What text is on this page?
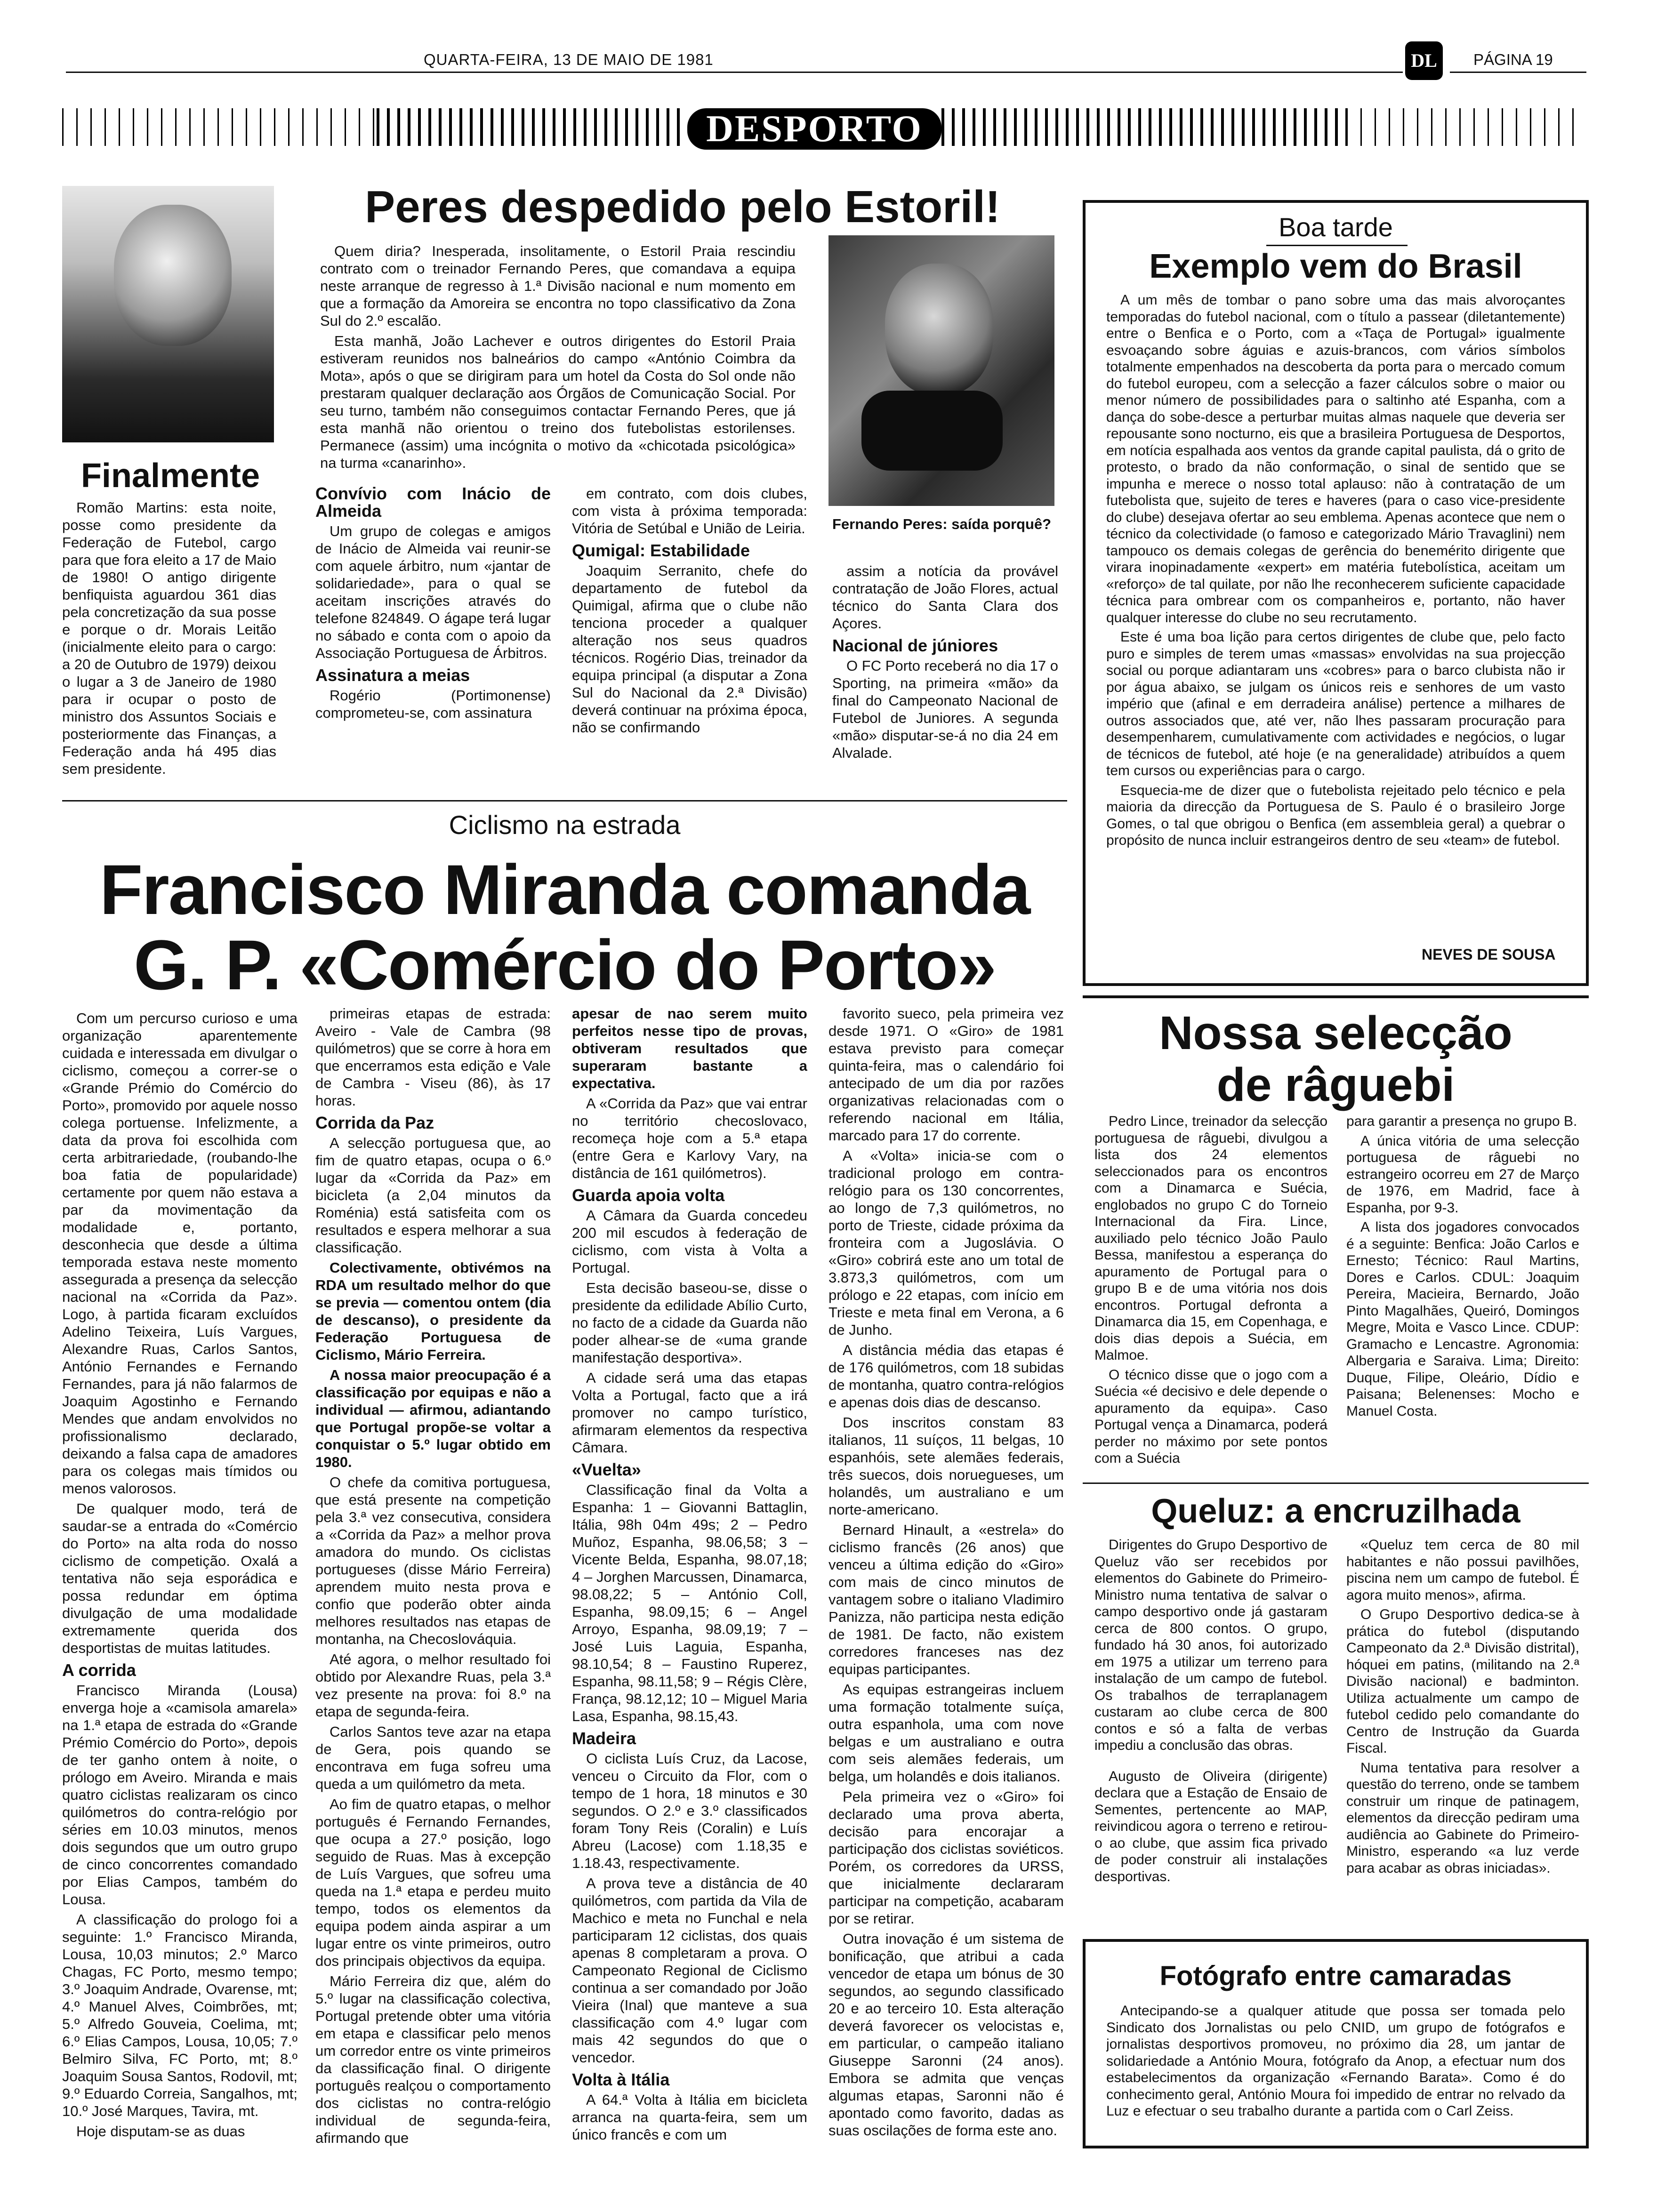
QUARTA-FEIRA, 13 DE MAIO DE 1981	DL	PÁGINA 19
DESPORTO
Finalmente

Romão Martins: esta noite, posse como presidente da Federação de Futebol, cargo para que fora eleito a 17 de Maio de 1980! O antigo dirigente benfiquista aguardou 361 dias pela concretização da sua posse e porque o dr. Morais Leitão (inicialmente eleito para o cargo: a 20 de Outubro de 1979) deixou o lugar a 3 de Janeiro de 1980 para ir ocupar o posto de ministro dos Assuntos Sociais e posteriormente das Finanças, a Federação anda há 495 dias sem presidente.

Peres despedido pelo Estoril!

Quem diria? Inesperada, insolitamente, o Estoril Praia rescindiu contrato com o treinador Fernando Peres, que comandava a equipa neste arranque de regresso à 1.ª Divisão nacional e num momento em que a formação da Amoreira se encontra no topo classificativo da Zona Sul do 2.º escalão.

Esta manhã, João Lachever e outros dirigentes do Estoril Praia estiveram reunidos nos balneários do campo «António Coimbra da Mota», após o que se dirigiram para um hotel da Costa do Sol onde não prestaram qualquer declaração aos Órgãos de Comunicação Social. Por seu turno, também não conseguimos contactar Fernando Peres, que já esta manhã não orientou o treino dos futebolistas estorilenses. Permanece (assim) uma incógnita o motivo da «chicotada psicológica» na turma «canarinho».

Fernando Peres: saída porquê?

Convívio com Inácio de Almeida

Um grupo de colegas e amigos de Inácio de Almeida vai reunir-se com aquele árbitro, num «jantar de solidariedade», para o qual se aceitam inscrições através do telefone 824849. O ágape terá lugar no sábado e conta com o apoio da Associação Portuguesa de Árbitros.

Assinatura a meias

Rogério (Portimonense) comprometeu-se, com assinatura

em contrato, com dois clubes, com vista à próxima temporada: Vitória de Setúbal e União de Leiria.

Qumigal: Estabilidade

Joaquim Serranito, chefe do departamento de futebol da Quimigal, afirma que o clube não tenciona proceder a qualquer alteração nos seus quadros técnicos. Rogério Dias, treinador da equipa principal (a disputar a Zona Sul do Nacional da 2.ª Divisão) deverá continuar na próxima época, não se confirmando

assim a notícia da provável contratação de João Flores, actual técnico do Santa Clara dos Açores.

Nacional de júniores

O FC Porto receberá no dia 17 o Sporting, na primeira «mão» da final do Campeonato Nacional de Futebol de Juniores. A segunda «mão» disputar-se-á no dia 24 em Alvalade.

Boa tarde
Exemplo vem do Brasil

A um mês de tombar o pano sobre uma das mais alvoroçantes temporadas do futebol nacional, com o título a passear (diletantemente) entre o Benfica e o Porto, com a «Taça de Portugal» igualmente esvoaçando sobre águias e azuis-brancos, com vários símbolos totalmente empenhados na descoberta da porta para o mercado comum do futebol europeu, com a selecção a fazer cálculos sobre o maior ou menor número de possibilidades para o saltinho até Espanha, com a dança do sobe-desce a perturbar muitas almas naquele que deveria ser repousante sono nocturno, eis que a brasileira Portuguesa de Desportos, em notícia espalhada aos ventos da grande capital paulista, dá o grito de protesto, o brado da não conformação, o sinal de sentido que se impunha e merece o nosso total aplauso: não à contratação de um futebolista que, sujeito de teres e haveres (para o caso vice-presidente do clube) desejava ofertar ao seu emblema. Apenas acontece que nem o técnico da colectividade (o famoso e categorizado Mário Travaglini) nem tampouco os demais colegas de gerência do benemérito dirigente que virara inopinadamente «expert» em matéria futebolística, aceitam um «reforço» de tal quilate, por não lhe reconhecerem suficiente capacidade técnica para ombrear com os companheiros e, portanto, não haver qualquer interesse do clube no seu recrutamento.

Este é uma boa lição para certos dirigentes de clube que, pelo facto puro e simples de terem umas «massas» envolvidas na sua projecção social ou porque adiantaram uns «cobres» para o barco clubista não ir por água abaixo, se julgam os únicos reis e senhores de um vasto império que (afinal e em derradeira análise) pertence a milhares de outros associados que, até ver, não lhes passaram procuração para desempenharem, cumulativamente com actividades e negócios, o lugar de técnicos de futebol, até hoje (e na generalidade) atribuídos a quem tem cursos ou experiências para o cargo.

Esquecia-me de dizer que o futebolista rejeitado pelo técnico e pela maioria da direcção da Portuguesa de S. Paulo é o brasileiro Jorge Gomes, o tal que obrigou o Benfica (em assembleia geral) a quebrar o propósito de nunca incluir estrangeiros dentro de seu «team» de futebol.

NEVES DE SOUSA
Ciclismo na estrada
Francisco Miranda comanda
G. P. «Comércio do Porto»

Com um percurso curioso e uma organização aparentemente cuidada e interessada em divulgar o ciclismo, começou a correr-se o «Grande Prémio do Comércio do Porto», promovido por aquele nosso colega portuense. Infelizmente, a data da prova foi escolhida com certa arbitrariedade, (roubando-lhe boa fatia de popularidade) certamente por quem não estava a par da movimentação da modalidade e, portanto, desconhecia que desde a última temporada estava neste momento assegurada a presença da selecção nacional na «Corrida da Paz». Logo, à partida ficaram excluídos Adelino Teixeira, Luís Vargues, Alexandre Ruas, Carlos Santos, António Fernandes e Fernando Fernandes, para já não falarmos de Joaquim Agostinho e Fernando Mendes que andam envolvidos no profissionalismo declarado, deixando a falsa capa de amadores para os colegas mais tímidos ou menos valorosos.

De qualquer modo, terá de saudar-se a entrada do «Comércio do Porto» na alta roda do nosso ciclismo de competição. Oxalá a tentativa não seja esporádica e possa redundar em óptima divulgação de uma modalidade extremamente querida dos desportistas de muitas latitudes.

A corrida

Francisco Miranda (Lousa) enverga hoje a «camisola amarela» na 1.ª etapa de estrada do «Grande Prémio Comércio do Porto», depois de ter ganho ontem à noite, o prólogo em Aveiro. Miranda e mais quatro ciclistas realizaram os cinco quilómetros do contra-relógio por séries em 10.03 minutos, menos dois segundos que um outro grupo de cinco concorrentes comandado por Elias Campos, também do Lousa.

A classificação do prologo foi a seguinte: 1.º Francisco Miranda, Lousa, 10,03 minutos; 2.º Marco Chagas, FC Porto, mesmo tempo; 3.º Joaquim Andrade, Ovarense, mt; 4.º Manuel Alves, Coimbrões, mt; 5.º Alfredo Gouveia, Coelima, mt; 6.º Elias Campos, Lousa, 10,05; 7.º Belmiro Silva, FC Porto, mt; 8.º Joaquim Sousa Santos, Rodovil, mt; 9.º Eduardo Correia, Sangalhos, mt; 10.º José Marques, Tavira, mt.

Hoje disputam-se as duas

primeiras etapas de estrada: Aveiro - Vale de Cambra (98 quilómetros) que se corre à hora em que encerramos esta edição e Vale de Cambra - Viseu (86), às 17 horas.

Corrida da Paz

A selecção portuguesa que, ao fim de quatro etapas, ocupa o 6.º lugar da «Corrida da Paz» em bicicleta (a 2,04 minutos da Roménia) está satisfeita com os resultados e espera melhorar a sua classificação.

Colectivamente, obtivémos na RDA um resultado melhor do que se previa — comentou ontem (dia de descanso), o presidente da Federação Portuguesa de Ciclismo, Mário Ferreira.

A nossa maior preocupação é a classificação por equipas e não a individual — afirmou, adiantando que Portugal propõe-se voltar a conquistar o 5.º lugar obtido em 1980.

O chefe da comitiva portuguesa, que está presente na competição pela 3.ª vez consecutiva, considera a «Corrida da Paz» a melhor prova amadora do mundo. Os ciclistas portugueses (disse Mário Ferreira) aprendem muito nesta prova e confio que poderão obter ainda melhores resultados nas etapas de montanha, na Checoslováquia.

Até agora, o melhor resultado foi obtido por Alexandre Ruas, pela 3.ª vez presente na prova: foi 8.º na etapa de segunda-feira.

Carlos Santos teve azar na etapa de Gera, pois quando se encontrava em fuga sofreu uma queda a um quilómetro da meta.

Ao fim de quatro etapas, o melhor português é Fernando Fernandes, que ocupa a 27.º posição, logo seguido de Ruas. Mas à excepção de Luís Vargues, que sofreu uma queda na 1.ª etapa e perdeu muito tempo, todos os elementos da equipa podem ainda aspirar a um lugar entre os vinte primeiros, outro dos principais objectivos da equipa.

Mário Ferreira diz que, além do 5.º lugar na classificação colectiva, Portugal pretende obter uma vitória em etapa e classificar pelo menos um corredor entre os vinte primeiros da classificação final. O dirigente português realçou o comportamento dos ciclistas no contra-relógio individual de segunda-feira, afirmando que

apesar de nao serem muito perfeitos nesse tipo de provas, obtiveram resultados que superaram bastante a expectativa.

A «Corrida da Paz» que vai entrar no território checoslovaco, recomeça hoje com a 5.ª etapa (entre Gera e Karlovy Vary, na distância de 161 quilómetros).

Guarda apoia volta

A Câmara da Guarda concedeu 200 mil escudos à federação de ciclismo, com vista à Volta a Portugal.

Esta decisão baseou-se, disse o presidente da edilidade Abílio Curto, no facto de a cidade da Guarda não poder alhear-se de «uma grande manifestação desportiva».

A cidade será uma das etapas Volta a Portugal, facto que a irá promover no campo turístico, afirmaram elementos da respectiva Câmara.

«Vuelta»

Classificação final da Volta a Espanha: 1 – Giovanni Battaglin, Itália, 98h 04m 49s; 2 – Pedro Muñoz, Espanha, 98.06,58; 3 – Vicente Belda, Espanha, 98.07,18; 4 – Jorghen Marcussen, Dinamarca, 98.08,22; 5 – António Coll, Espanha, 98.09,15; 6 – Angel Arroyo, Espanha, 98.09,19; 7 – José Luis Laguia, Espanha, 98.10,54; 8 – Faustino Ruperez, Espanha, 98.11,58; 9 – Régis Clère, França, 98.12,12; 10 – Miguel Maria Lasa, Espanha, 98.15,43.

Madeira

O ciclista Luís Cruz, da Lacose, venceu o Circuito da Flor, com o tempo de 1 hora, 18 minutos e 30 segundos. O 2.º e 3.º classificados foram Tony Reis (Coralin) e Luís Abreu (Lacose) com 1.18,35 e 1.18.43, respectivamente.

A prova teve a distância de 40 quilómetros, com partida da Vila de Machico e meta no Funchal e nela participaram 12 ciclistas, dos quais apenas 8 completaram a prova. O Campeonato Regional de Ciclismo continua a ser comandado por João Vieira (Inal) que manteve a sua classificação com 4.º lugar com mais 42 segundos do que o vencedor.

Volta à Itália

A 64.ª Volta à Itália em bicicleta arranca na quarta-feira, sem um único francês e com um

favorito sueco, pela primeira vez desde 1971. O «Giro» de 1981 estava previsto para começar quinta-feira, mas o calendário foi antecipado de um dia por razões organizativas relacionadas com o referendo nacional em Itália, marcado para 17 do corrente.

A «Volta» inicia-se com o tradicional prologo em contra-relógio para os 130 concorrentes, ao longo de 7,3 quilómetros, no porto de Trieste, cidade próxima da fronteira com a Jugoslávia. O «Giro» cobrirá este ano um total de 3.873,3 quilómetros, com um prólogo e 22 etapas, com início em Trieste e meta final em Verona, a 6 de Junho.

A distância média das etapas é de 176 quilómetros, com 18 subidas de montanha, quatro contra-relógios e apenas dois dias de descanso.

Dos inscritos constam 83 italianos, 11 suíços, 11 belgas, 10 espanhóis, sete alemães federais, três suecos, dois noruegueses, um holandês, um australiano e um norte-americano.

Bernard Hinault, a «estrela» do ciclismo francês (26 anos) que venceu a última edição do «Giro» com mais de cinco minutos de vantagem sobre o italiano Vladimiro Panizza, não participa nesta edição de 1981. De facto, não existem corredores franceses nas dez equipas participantes.

As equipas estrangeiras incluem uma formação totalmente suíça, outra espanhola, uma com nove belgas e um australiano e outra com seis alemães federais, um belga, um holandês e dois italianos.

Pela primeira vez o «Giro» foi declarado uma prova aberta, decisão para encorajar a participação dos ciclistas soviéticos. Porém, os corredores da URSS, que inicialmente declararam participar na competição, acabaram por se retirar.

Outra inovação é um sistema de bonificação, que atribui a cada vencedor de etapa um bónus de 30 segundos, ao segundo classificado 20 e ao terceiro 10. Esta alteração deverá favorecer os velocistas e, em particular, o campeão italiano Giuseppe Saronni (24 anos). Embora se admita que venças algumas etapas, Saronni não é apontado como favorito, dadas as suas oscilações de forma este ano.

Nossa selecção
de râguebi

Pedro Lince, treinador da selecção portuguesa de râguebi, divulgou a lista dos 24 elementos seleccionados para os encontros com a Dinamarca e Suécia, englobados no grupo C do Torneio Internacional da Fira. Lince, auxiliado pelo técnico João Paulo Bessa, manifestou a esperança do apuramento de Portugal para o grupo B e de uma vitória nos dois encontros. Portugal defronta a Dinamarca dia 15, em Copenhaga, e dois dias depois a Suécia, em Malmoe.

O técnico disse que o jogo com a Suécia «é decisivo e dele depende o apuramento da equipa». Caso Portugal vença a Dinamarca, poderá perder no máximo por sete pontos com a Suécia

para garantir a presença no grupo B.

A única vitória de uma selecção portuguesa de râguebi no estrangeiro ocorreu em 27 de Março de 1976, em Madrid, face à Espanha, por 9-3.

A lista dos jogadores convocados é a seguinte: Benfica: João Carlos e Ernesto; Técnico: Raul Martins, Dores e Carlos. CDUL: Joaquim Pereira, Macieira, Bernardo, João Pinto Magalhães, Queiró, Domingos Megre, Moita e Vasco Lince. CDUP: Gramacho e Lencastre. Agronomia: Albergaria e Saraiva. Lima; Direito: Duque, Filipe, Oleário, Dídio e Paisana; Belenenses: Mocho e Manuel Costa.

Queluz: a encruzilhada

Dirigentes do Grupo Desportivo de Queluz vão ser recebidos por elementos do Gabinete do Primeiro-Ministro numa tentativa de salvar o campo desportivo onde já gastaram cerca de 800 contos. O grupo, fundado há 30 anos, foi autorizado em 1975 a utilizar um terreno para instalação de um campo de futebol. Os trabalhos de terraplanagem custaram ao clube cerca de 800 contos e só a falta de verbas impediu a conclusão das obras.

Augusto de Oliveira (dirigente) declara que a Estação de Ensaio de Sementes, pertencente ao MAP, reivindicou agora o terreno e retirou-o ao clube, que assim fica privado de poder construir ali instalações desportivas.

«Queluz tem cerca de 80 mil habitantes e não possui pavilhões, piscina nem um campo de futebol. É agora muito menos», afirma.

O Grupo Desportivo dedica-se à prática do futebol (disputando Campeonato da 2.ª Divisão distrital), hóquei em patins, (militando na 2.ª Divisão nacional) e badminton. Utiliza actualmente um campo de futebol cedido pelo comandante do Centro de Instrução da Guarda Fiscal.

Numa tentativa para resolver a questão do terreno, onde se tambem construir um rinque de patinagem, elementos da direcção pediram uma audiência ao Gabinete do Primeiro-Ministro, esperando «a luz verde para acabar as obras iniciadas».

Fotógrafo entre camaradas

Antecipando-se a qualquer atitude que possa ser tomada pelo Sindicato dos Jornalistas ou pelo CNID, um grupo de fotógrafos e jornalistas desportivos promoveu, no próximo dia 28, um jantar de solidariedade a António Moura, fotógrafo da Anop, a efectuar num dos estabelecimentos da organização «Fernando Barata». Como é do conhecimento geral, António Moura foi impedido de entrar no relvado da Luz e efectuar o seu trabalho durante a partida com o Carl Zeiss.
